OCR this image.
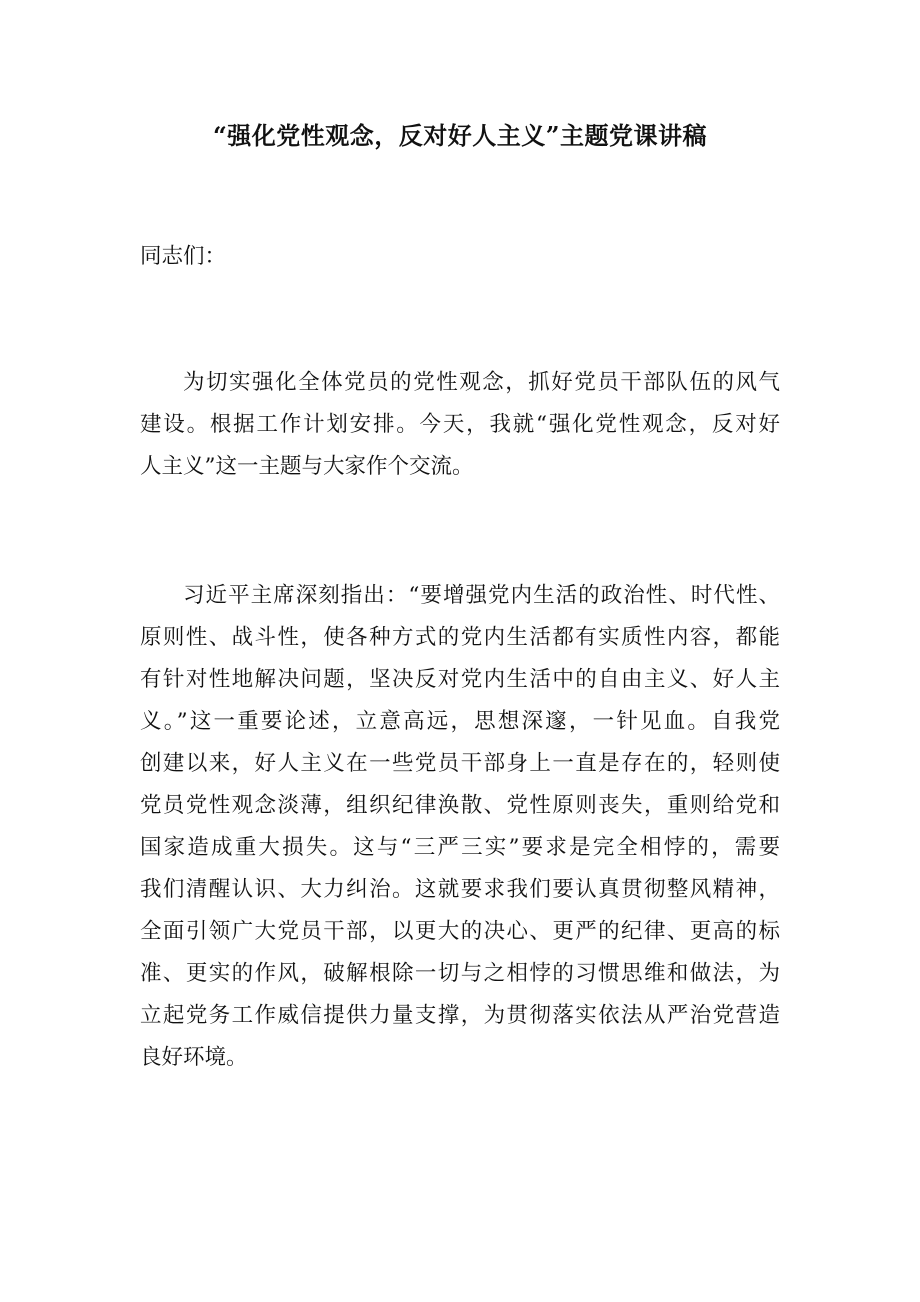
“强化党性观念，反对好人主义”主题党课讲稿
同志们：
为切实强化全体党员的党性观念，抓好党员干部队伍的风气
建设。根据工作计划安排。今天，我就“强化党性观念，反对好
人主义”这一主题与大家作个交流。
习近平主席深刻指出：“要增强党内生活的政治性、时代性、
原则性、战斗性，使各种方式的党内生活都有实质性内容，都能
有针对性地解决问题，坚决反对党内生活中的自由主义、好人主
义。”这一重要论述，立意高远，思想深邃，一针见血。自我党
创建以来，好人主义在一些党员干部身上一直是存在的，轻则使
党员党性观念淡薄，组织纪律涣散、党性原则丧失，重则给党和
国家造成重大损失。这与“三严三实”要求是完全相悖的，需要
我们清醒认识、大力纠治。这就要求我们要认真贯彻整风精神，
全面引领广大党员干部，以更大的决心、更严的纪律、更高的标
准、更实的作风，破解根除一切与之相悖的习惯思维和做法，为
立起党务工作威信提供力量支撑，为贯彻落实依法从严治党营造
良好环境。
